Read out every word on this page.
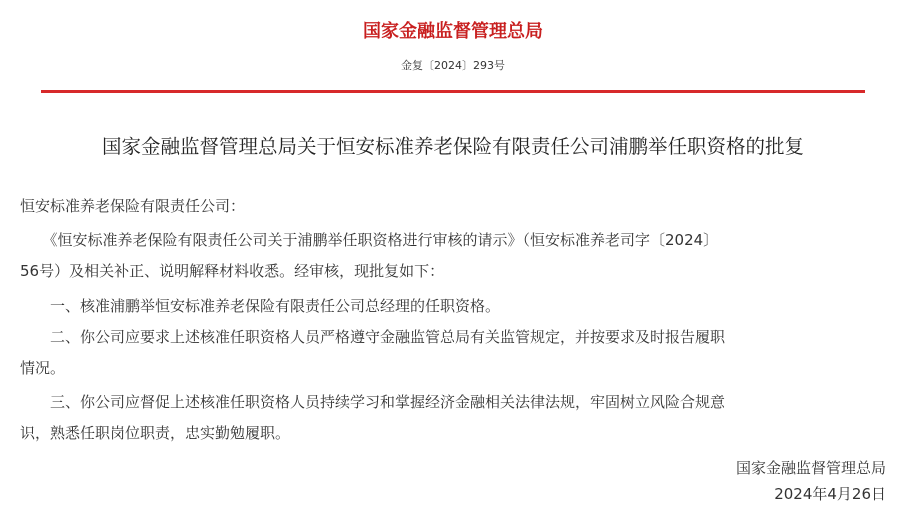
国家金融监督管理总局
金复〔2024〕293号
国家金融监督管理总局关于恒安标准养老保险有限责任公司浦鹏举任职资格的批复
恒安标准养老保险有限责任公司：
　　《恒安标准养老保险有限责任公司关于浦鹏举任职资格进行审核的请示》（恒安标准养老司字〔2024〕
56号）及相关补正、说明解释材料收悉。经审核，现批复如下：
　　一、核准浦鹏举恒安标准养老保险有限责任公司总经理的任职资格。
　　二、你公司应要求上述核准任职资格人员严格遵守金融监管总局有关监管规定，并按要求及时报告履职
情况。
　　三、你公司应督促上述核准任职资格人员持续学习和掌握经济金融相关法律法规，牢固树立风险合规意
识，熟悉任职岗位职责，忠实勤勉履职。
国家金融监督管理总局
2024年4月26日
